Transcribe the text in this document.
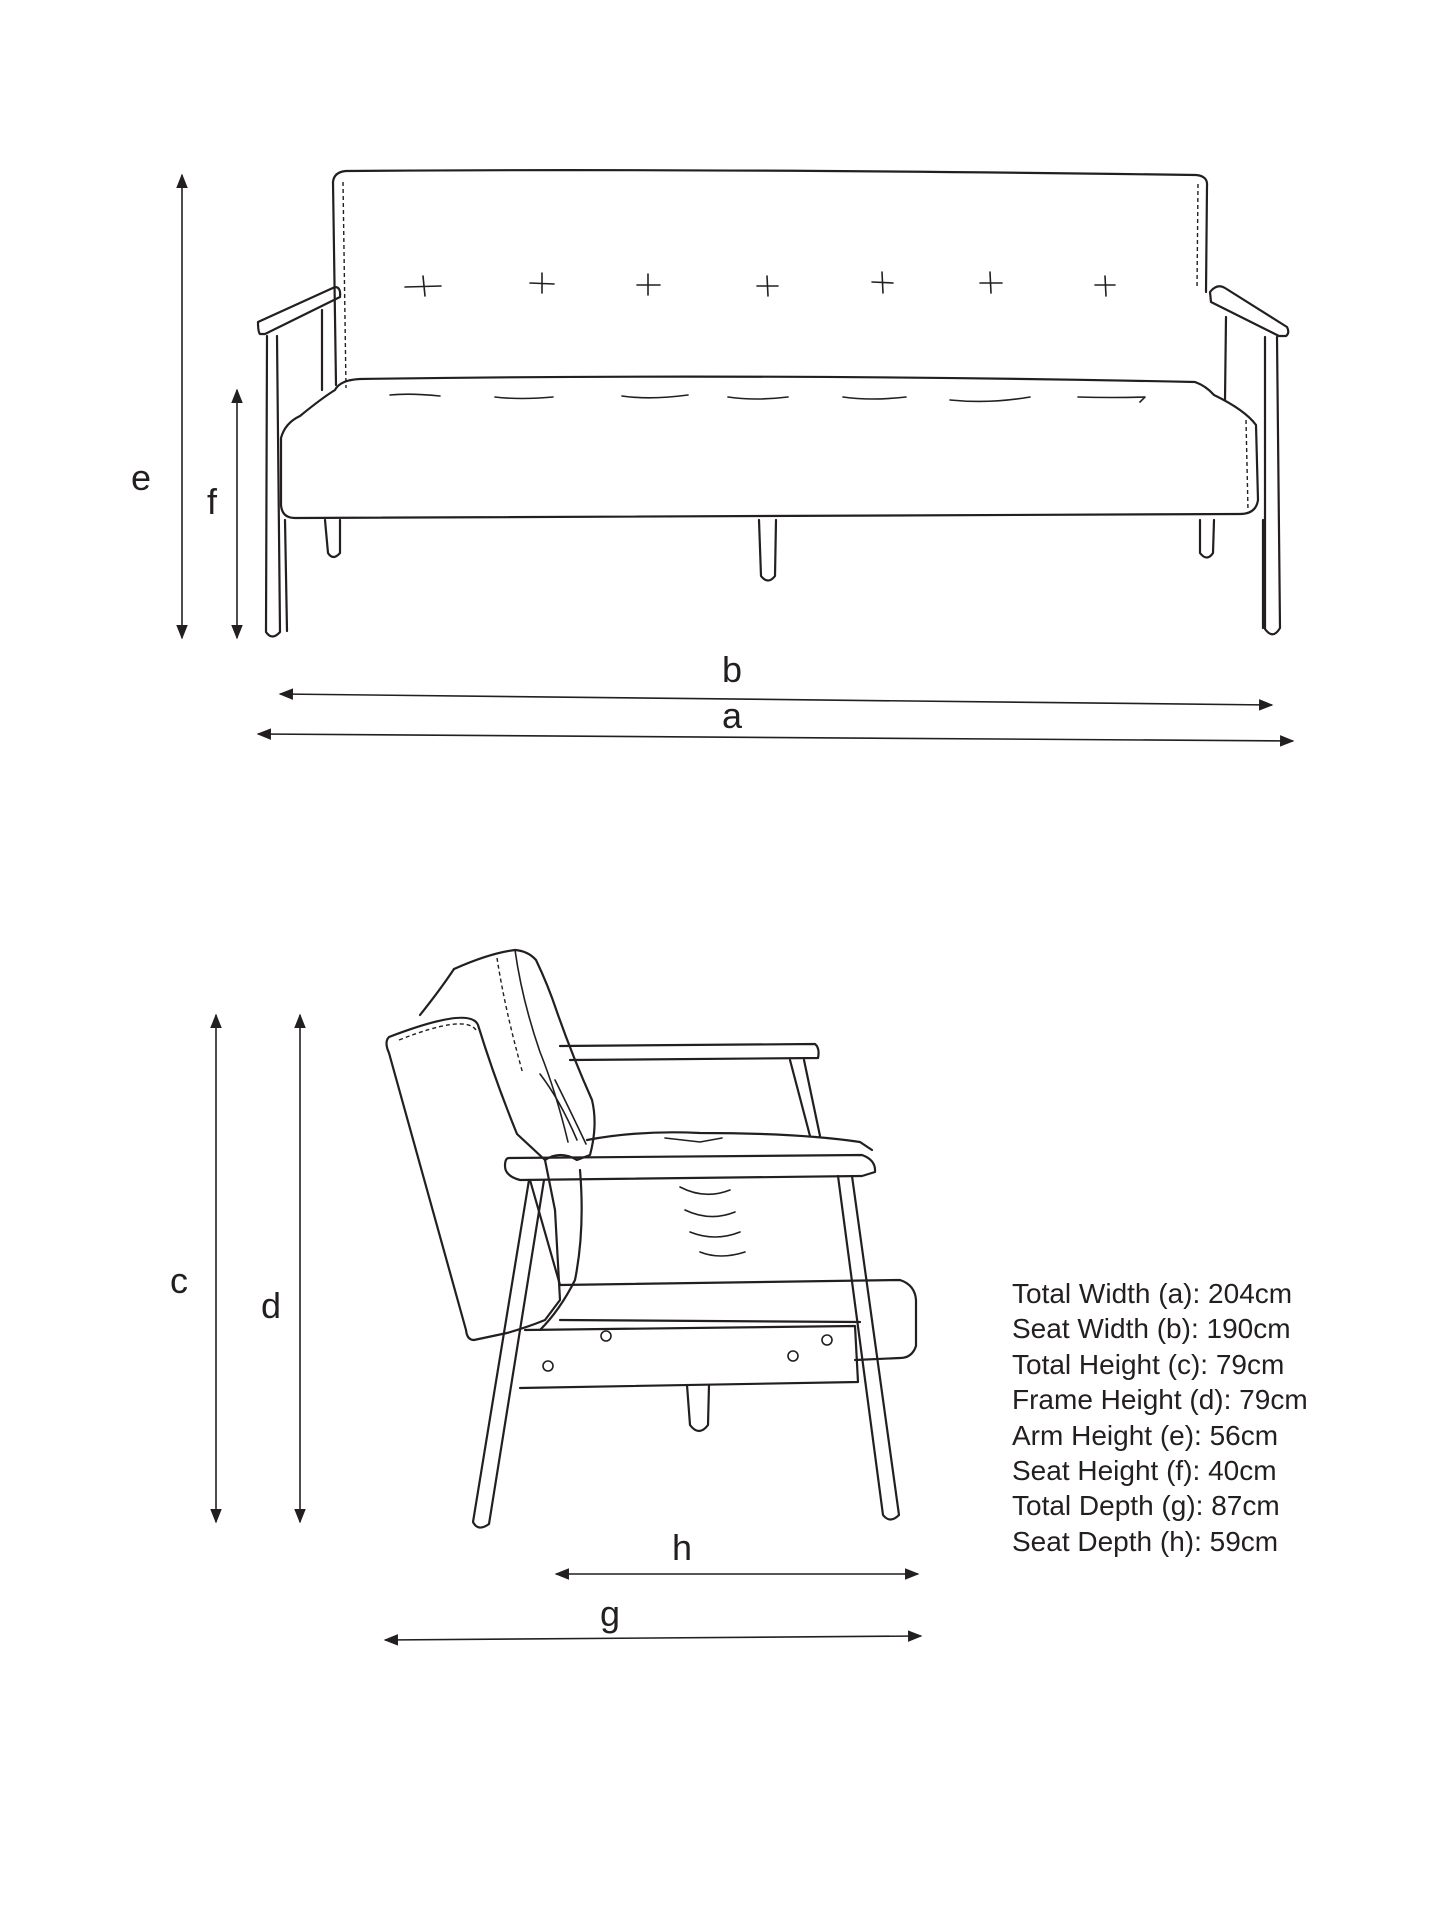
e
f
b
a
c
d
h
g
Total Width (a): 204cm
Seat Width (b): 190cm
Total Height (c): 79cm
Frame Height (d): 79cm
Arm Height (e): 56cm
Seat Height (f): 40cm
Total Depth (g): 87cm
Seat Depth (h): 59cm
